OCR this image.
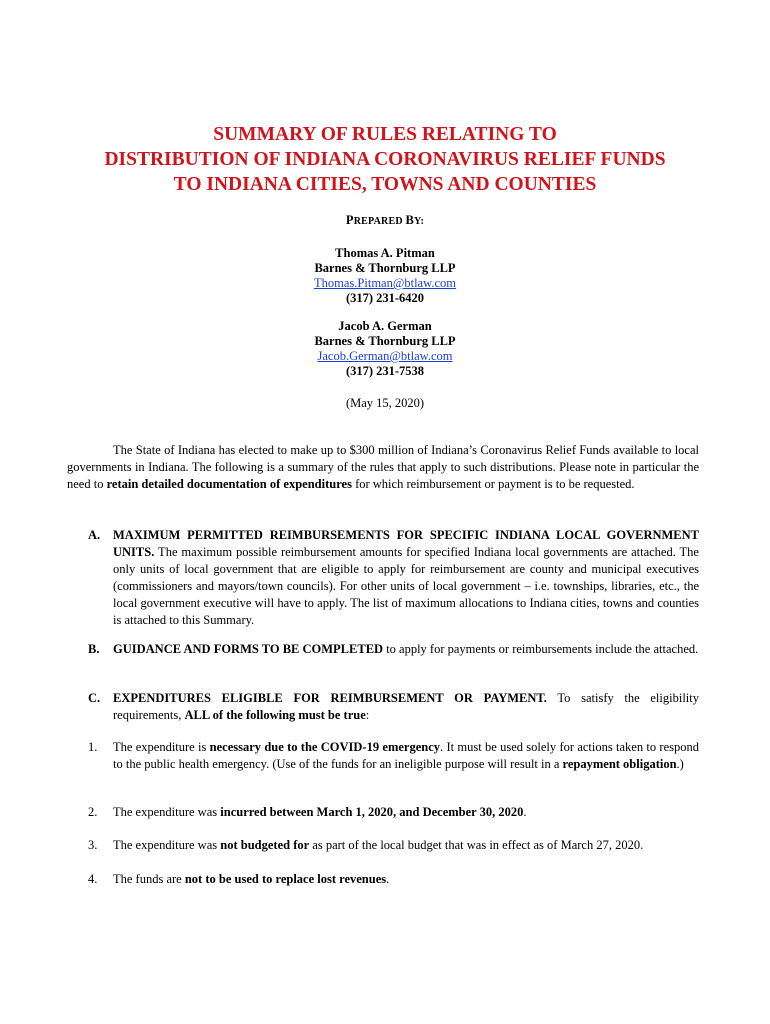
SUMMARY OF RULES RELATING TO
DISTRIBUTION OF INDIANA CORONAVIRUS RELIEF FUNDS
TO INDIANA CITIES, TOWNS AND COUNTIES
PREPARED BY:
Thomas A. Pitman
Barnes & Thornburg LLP
Thomas.Pitman@btlaw.com
(317) 231-6420
Jacob A. German
Barnes & Thornburg LLP
Jacob.German@btlaw.com
(317) 231-7538
(May 15, 2020)
The State of Indiana has elected to make up to $300 million of Indiana’s Coronavirus Relief Funds available to local governments in Indiana. The following is a summary of the rules that apply to such distributions. Please note in particular the need to retain detailed documentation of expenditures for which reimbursement or payment is to be requested.
A. MAXIMUM PERMITTED REIMBURSEMENTS FOR SPECIFIC INDIANA LOCAL GOVERNMENT UNITS. The maximum possible reimbursement amounts for specified Indiana local governments are attached. The only units of local government that are eligible to apply for reimbursement are county and municipal executives (commissioners and mayors/town councils). For other units of local government – i.e. townships, libraries, etc., the local government executive will have to apply. The list of maximum allocations to Indiana cities, towns and counties is attached to this Summary.
B. GUIDANCE AND FORMS TO BE COMPLETED to apply for payments or reimbursements include the attached.
C. EXPENDITURES ELIGIBLE FOR REIMBURSEMENT OR PAYMENT. To satisfy the eligibility requirements, ALL of the following must be true:
1. The expenditure is necessary due to the COVID-19 emergency. It must be used solely for actions taken to respond to the public health emergency. (Use of the funds for an ineligible purpose will result in a repayment obligation.)
2. The expenditure was incurred between March 1, 2020, and December 30, 2020.
3. The expenditure was not budgeted for as part of the local budget that was in effect as of March 27, 2020.
4. The funds are not to be used to replace lost revenues.
